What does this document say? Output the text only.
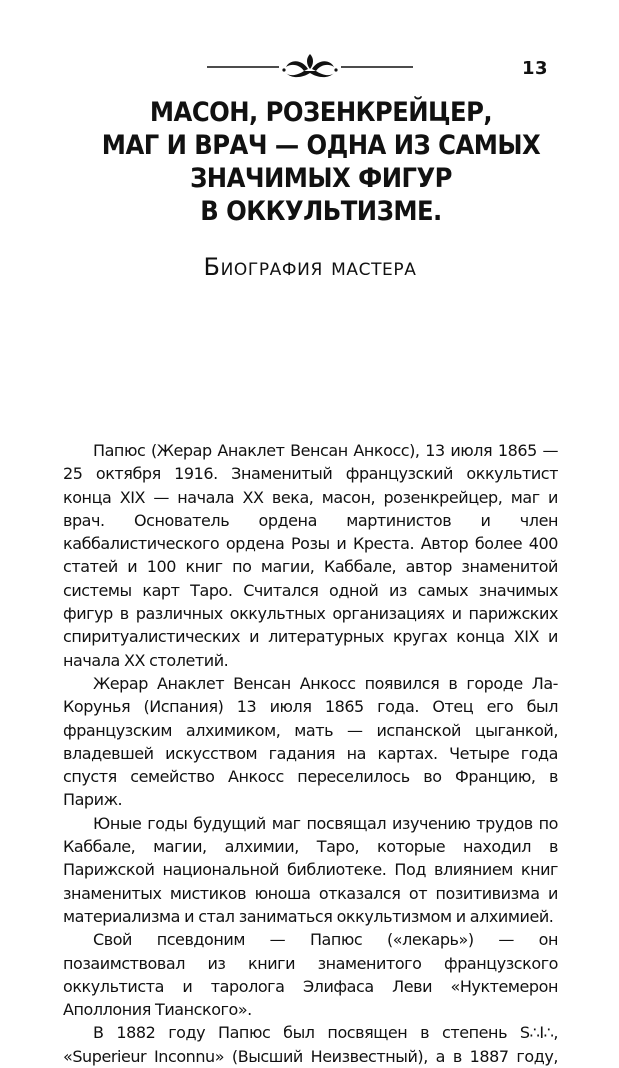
13
МАСОН, РОЗЕНКРЕЙЦЕР,
МАГ И ВРАЧ — ОДНА ИЗ САМЫХ
ЗНАЧИМЫХ ФИГУР
В ОККУЛЬТИЗМЕ.
Биография мастера

Папюс (Жерар Анаклет Венсан Анкосс), 13 июля 1865 — 25 октября 1916. Знаменитый французский оккультист конца XIX — начала XX века, масон, розенкрейцер, маг и врач. Основатель ордена мартинистов и член каббалистического ордена Розы и Креста. Автор более 400 статей и 100 книг по магии, Каббале, автор знаменитой системы карт Таро. Считался одной из самых значимых фигур в различных оккультных организациях и парижских спиритуалистических и литературных кругах конца XIX и начала XX столетий.

Жерар Анаклет Венсан Анкосс появился в городе Ла-Корунья (Испания) 13 июля 1865 года. Отец его был французским алхимиком, мать — испанской цыганкой, владевшей искусством гадания на картах. Четыре года спустя семейство Анкосс переселилось во Францию, в Париж.

Юные годы будущий маг посвящал изучению трудов по Каббале, магии, алхимии, Таро, которые находил в Парижской национальной библиотеке. Под влиянием книг знаменитых мистиков юноша отказался от позитивизма и материализма и стал заниматься оккультизмом и алхимией.

Свой псевдоним — Папюс («лекарь») — он позаимствовал из книги знаменитого французского оккультиста и таролога Элифаса Леви «Нуктемерон Аполлония Тианского».

В 1882 году Папюс был посвящен в степень S∴I∴, «Superieur Inconnu» (Высший Неизвестный), а в 1887 году,
